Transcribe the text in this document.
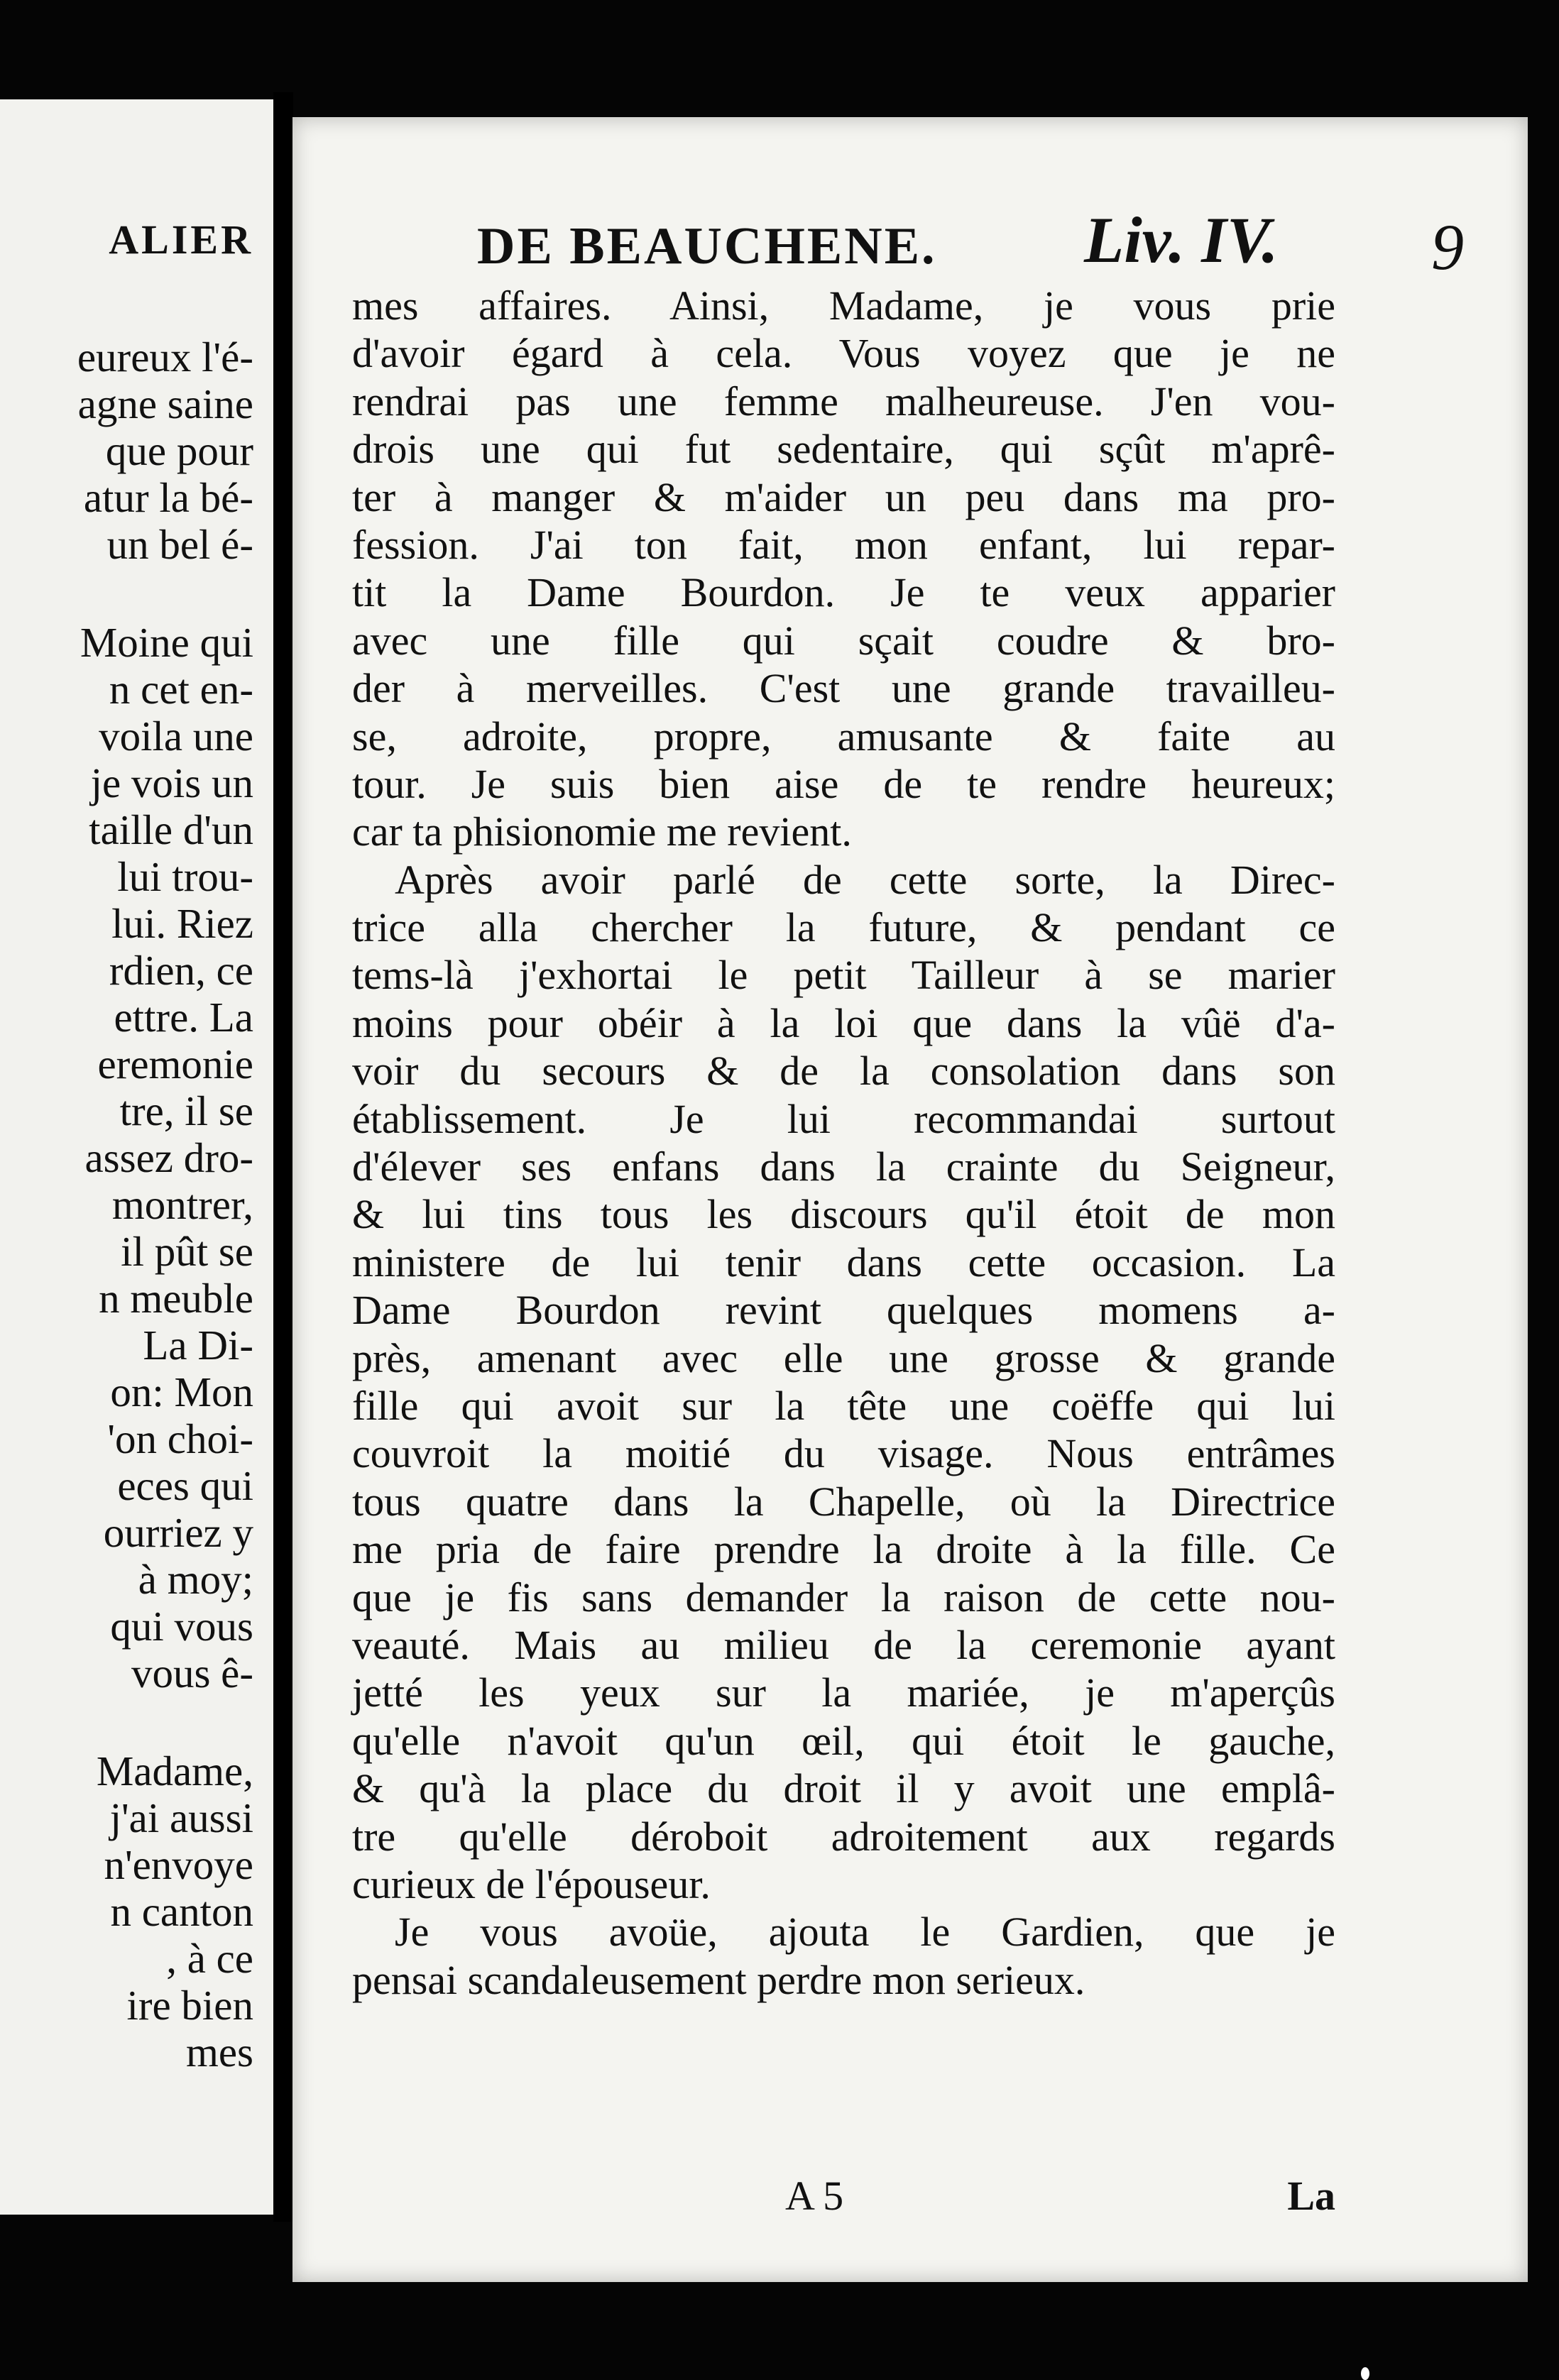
ALIER
eureux l'é-
agne saine
que pour
atur la bé-
un bel é-
Moine qui
n cet en-
voila une
je vois un
taille d'un
lui trou-
lui. Riez
rdien, ce
ettre. La
eremonie
tre, il se
assez dro-
montrer,
il pût se
n meuble
La Di-
on: Mon
'on choi-
eces qui
ourriez y
à moy;
qui vous
vous ê-
Madame,
j'ai aussi
n'envoye
n canton
, à ce
ire bien
mes
DE BEAUCHENE. Liv. IV. 9
mes affaires. Ainsi, Madame, je vous prie
d'avoir égard à cela. Vous voyez que je ne
rendrai pas une femme malheureuse. J'en vou-
drois une qui fut sedentaire, qui sçût m'aprê-
ter à manger & m'aider un peu dans ma pro-
fession. J'ai ton fait, mon enfant, lui repar-
tit la Dame Bourdon. Je te veux apparier
avec une fille qui sçait coudre & bro-
der à merveilles. C'est une grande travailleu-
se, adroite, propre, amusante & faite au
tour. Je suis bien aise de te rendre heureux;
car ta phisionomie me revient.
Après avoir parlé de cette sorte, la Direc-
trice alla chercher la future, & pendant ce
tems-là j'exhortai le petit Tailleur à se marier
moins pour obéir à la loi que dans la vûë d'a-
voir du secours & de la consolation dans son
établissement. Je lui recommandai surtout
d'élever ses enfans dans la crainte du Seigneur,
& lui tins tous les discours qu'il étoit de mon
ministere de lui tenir dans cette occasion. La
Dame Bourdon revint quelques momens a-
près, amenant avec elle une grosse & grande
fille qui avoit sur la tête une coëffe qui lui
couvroit la moitié du visage. Nous entrâmes
tous quatre dans la Chapelle, où la Directrice
me pria de faire prendre la droite à la fille. Ce
que je fis sans demander la raison de cette nou-
veauté. Mais au milieu de la ceremonie ayant
jetté les yeux sur la mariée, je m'aperçûs
qu'elle n'avoit qu'un œil, qui étoit le gauche,
& qu'à la place du droit il y avoit une emplâ-
tre qu'elle déroboit adroitement aux regards
curieux de l'épouseur.
Je vous avoüe, ajouta le Gardien, que je
pensai scandaleusement perdre mon serieux.
A 5	La
